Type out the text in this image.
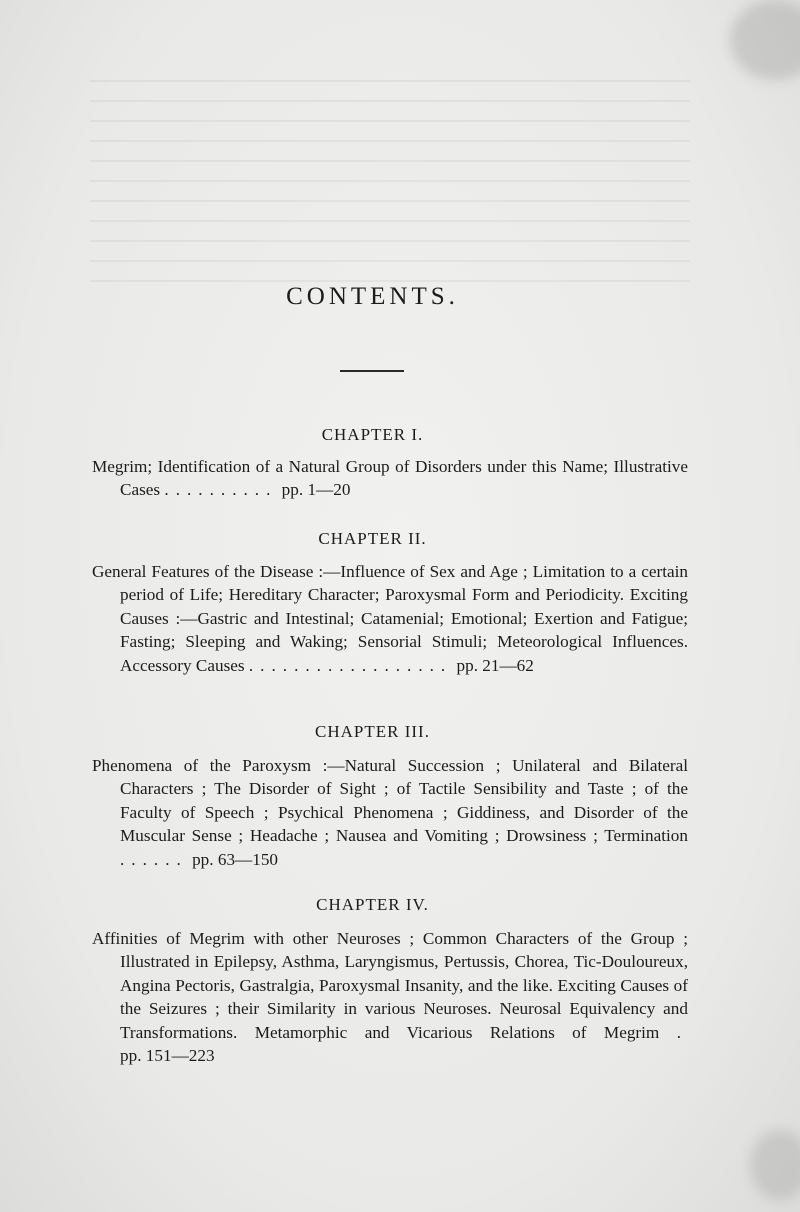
CONTENTS.
CHAPTER I.

Megrim; Identification of a Natural Group of Disorders under this Name; Illustrative Cases .......... pp. 1—20

CHAPTER II.

General Features of the Disease :—Influence of Sex and Age ; Limitation to a certain period of Life; Hereditary Character; Paroxysmal Form and Periodicity. Exciting Causes :—Gastric and Intestinal; Catamenial; Emotional; Exertion and Fatigue; Fasting; Sleeping and Waking; Sensorial Stimuli; Meteorological Influences. Accessory Causes .................. pp. 21—62

CHAPTER III.

Phenomena of the Paroxysm :—Natural Succession ; Unilateral and Bilateral Characters ; The Disorder of Sight ; of Tactile Sensibility and Taste ; of the Faculty of Speech ; Psychical Phenomena ; Giddiness, and Disorder of the Muscular Sense ; Headache ; Nausea and Vomiting ; Drowsiness ; Termination ...... pp. 63—150

CHAPTER IV.

Affinities of Megrim with other Neuroses ; Common Characters of the Group ; Illustrated in Epilepsy, Asthma, Laryngismus, Pertussis, Chorea, Tic-Douloureux, Angina Pectoris, Gastralgia, Paroxysmal Insanity, and the like. Exciting Causes of the Seizures ; their Similarity in various Neuroses. Neurosal Equivalency and Transformations. Metamorphic and Vicarious Relations of Megrim . pp. 151—223
